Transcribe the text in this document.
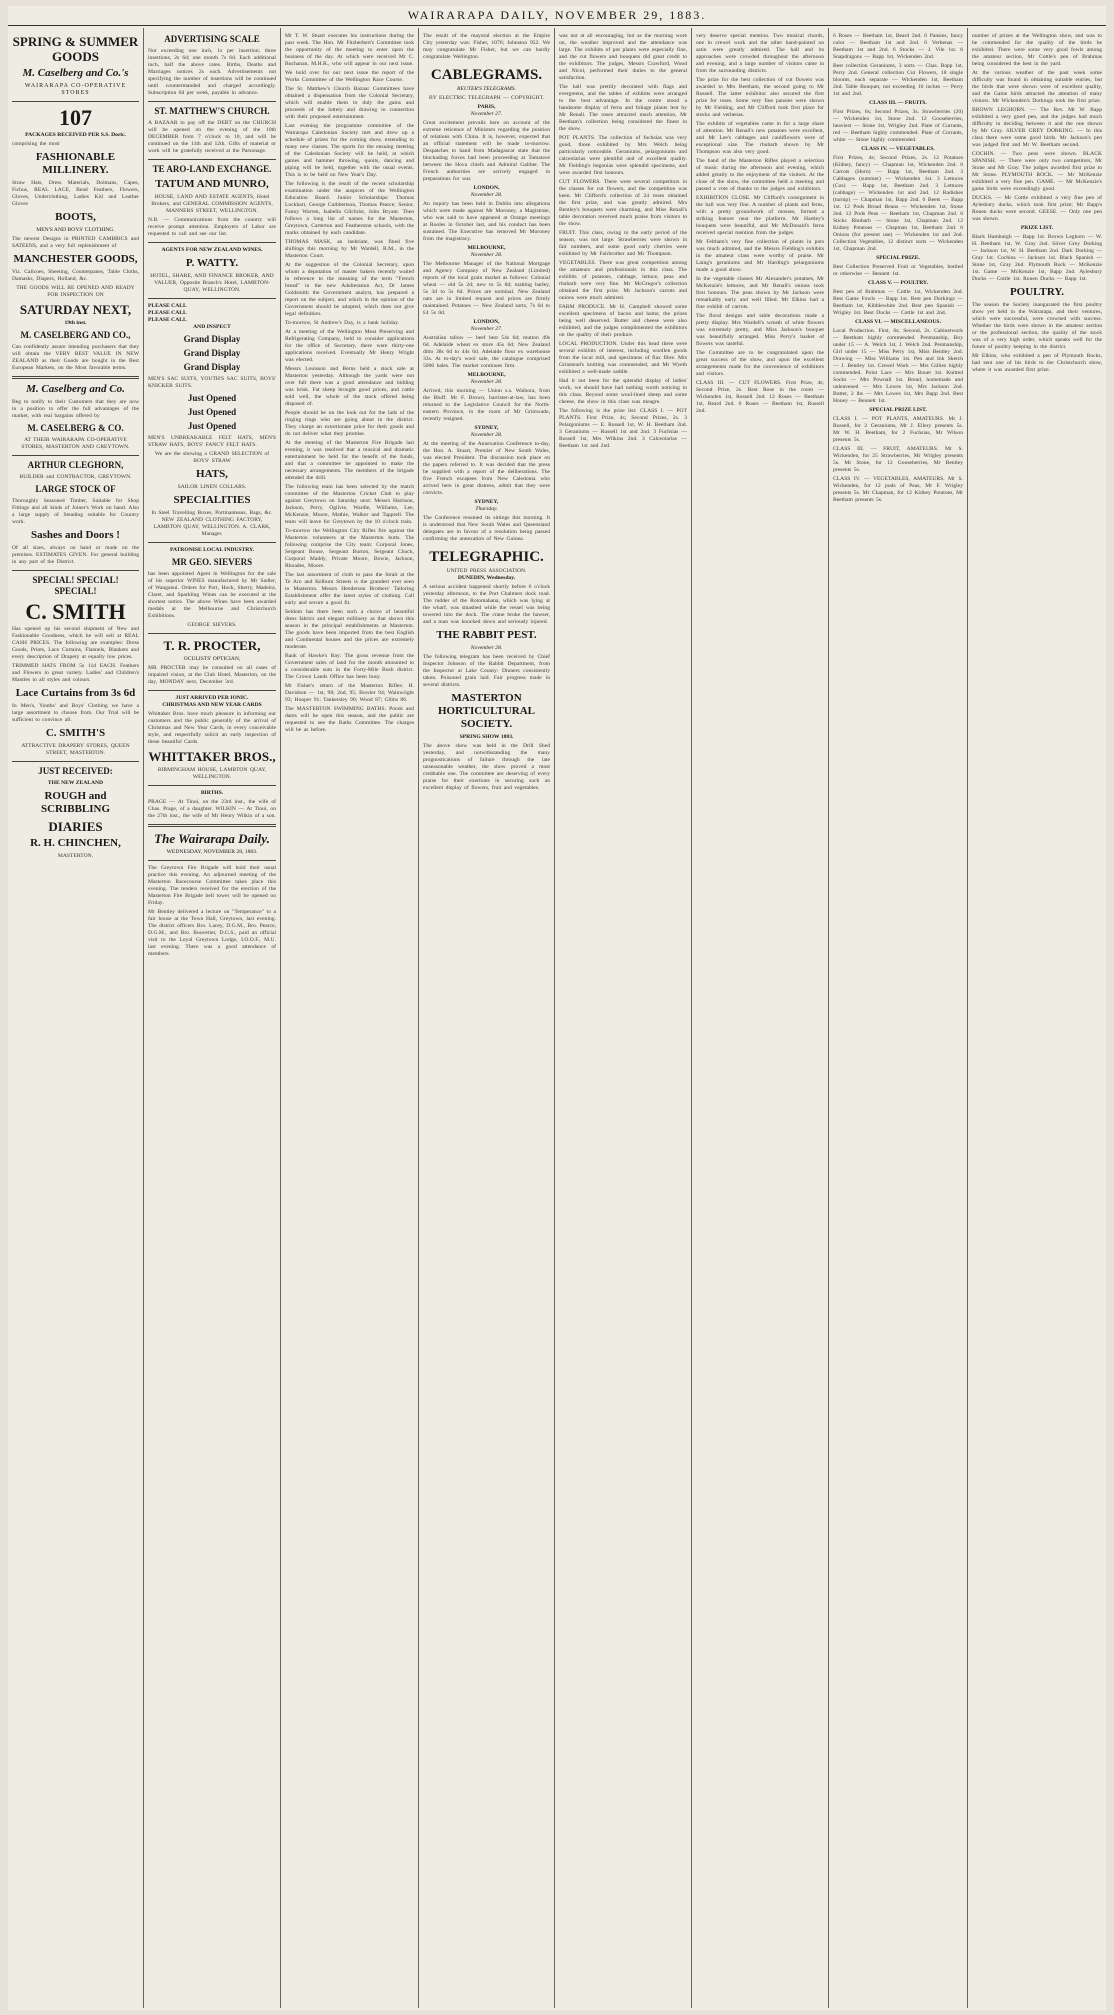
WAIRARAPA DAILY, NOVEMBER 29, 1883.
SPRING & SUMMER GOODS
M. Caselberg and Co.'s
WAIRARAPA CO-OPERATIVE STORES
107
PACKAGES RECEIVED PER S.S. Doric.
comprising the most
FASHIONABLE MILLINERY.
Straw Hats, Dress Materials, Dolmans, Capes, Fichus, REAL LACE, Bead Feathers, Flowers, Gloves, Underclothing, Ladies Kid and Leather Gloves
BOOTS,
MEN'S AND BOYS' CLOTHING.
The newest Designs in PRINTED CAMBRICS and SATEENS, and a very full replenishment of
MANCHESTER GOODS,
Viz. Calicoes, Sheeting, Counterpanes, Table Cloths, Damasks, Diapers, Holland, &c.
THE GOODS WILL BE OPENED AND READY FOR INSPECTION ON
SATURDAY NEXT,
19th inst.
M. CASELBERG AND CO.,
Can confidently assure intending purchasers that they will obtain the VERY BEST VALUE IN NEW ZEALAND as their Goods are bought in the Best European Markets, on the Most favorable terms.
M. Caselberg and Co.
Beg to notify to their Customers that they are now in a position to offer the full advantages of the market, with real bargains offered by
M. CASELBERG & CO.
AT THEIR WAIRARAPA CO-OPERATIVE STORES, MASTERTON AND GREYTOWN.
ARTHUR CLEGHORN,
BUILDER and CONTRACTOR, GREYTOWN.
LARGE STOCK OF
Thoroughly Seasoned Timber, Suitable for Shop Fittings and all kinds of Joiner's Work on hand. Also a large supply of Steading suitable for Country work.
Sashes and Doors !
Of all sizes, always on hand or made on the premises. ESTIMATES GIVEN. For general building in any part of the District.
SPECIAL! SPECIAL! SPECIAL!
C. SMITH
Has opened up his second shipment of New and Fashionable Goodness, which he will sell at REAL CASH PRICES. The following are examples: Dress Goods, Prints, Lace Curtains, Flannels, Blankets and every description of Drapery at equally low prices.
TRIMMED HATS FROM 5s 11d EACH. Feathers and Flowers in great variety. Ladies' and Children's Mantles in all styles and colours.
Lace Curtains from 3s 6d
In Men's, Youths' and Boys' Clothing we have a large assortment to choose from. Our Trial will be sufficient to convince all.
C. SMITH'S
ATTRACTIVE DRAPERY STORES, QUEEN STREET, MASTERTON.
JUST RECEIVED:
THE NEW ZEALAND
ROUGH and SCRIBBLING
DIARIES
R. H. CHINCHEN,
MASTERTON.
ADVERTISING SCALE
Not exceeding one inch, 1s per insertion; three insertions, 2s 6d; one month 7s 6d. Each additional inch, half the above rates. Births, Deaths and Marriages notices 2s each. Advertisements not specifying the number of insertions will be continued until countermanded and charged accordingly. Subscription 6d per week, payable in advance.
ST. MATTHEW'S CHURCH.
A BAZAAR to pay off the DEBT on the CHURCH will be opened on the evening of the 10th DECEMBER from 7 o'clock to 10, and will be continued on the 11th and 12th. Gifts of material or work will be gratefully received at the Parsonage.
TE ARO-LAND EXCHANGE.
TATUM AND MUNRO,
HOUSE, LAND AND ESTATE AGENTS, Hotel Brokers, and GENERAL COMMISSION AGENTS, MANNERS STREET, WELLINGTON.
N.B. — Communications from the country will receive prompt attention. Employers of Labor are requested to call and see our list.
AGENTS FOR NEW ZEALAND WINES.
P. WATTY.
HOTEL, SHARE, AND FINANCE BROKER, AND VALUER, Opposite Branch's Hotel, LAMBTON-QUAY, WELLINGTON.
PLEASE CALL
PLEASE CALL
PLEASE CALL
AND INSPECT
Grand Display
Grand Display
Grand Display
MEN'S SAC SUITS, YOUTH'S SAC SUITS, BOYS' KNICKER SUITS.
Just Opened
Just Opened
Just Opened
MEN'S UNBREAKABLE FELT HATS, MEN'S STRAW HATS, BOYS' FANCY FELT HATS.
We are the showing a GRAND SELECTION of BOYS' STRAW
HATS,
SAILOR LINEN COLLARS.
SPECIALITIES
In Steel Travelling Boxes, Portmanteaus, Bags, &c. NEW ZEALAND CLOTHING FACTORY, LAMBTON QUAY, WELLINGTON. A. CLARK, Manager.
PATRONISE LOCAL INDUSTRY.
MR GEO. SIEVERS
has been appointed Agent in Wellington for the sale of his superior WINES manufactured by Mr Sadler, of Wanganui. Orders for Port, Hock, Sherry, Madeira, Claret, and Sparkling Wines can be executed at the shortest notice. The above Wines have been awarded medals at the Melbourne and Christchurch Exhibitions.
GEORGE SIEVERS.
T. R. PROCTER,
OCULISTS' OPTICIAN,
MR PROCTER may be consulted on all cases of impaired vision, at the Club Hotel, Masterton, on the day, MONDAY next, December 3rd.
JUST ARRIVED PER IONIC.
CHRISTMAS AND NEW YEAR CARDS
Whittaker Bros. have much pleasure in informing our customers and the public generally of the arrival of Christmas and New Year Cards, in every conceivable style, and respectfully solicit an early inspection of these beautiful Cards.
WHITTAKER BROS.,
BIRMINGHAM HOUSE, LAMBTON QUAY, WELLINGTON.
BIRTHS.
PRAGE — At Tinui, on the 23rd inst., the wife of Chas. Prage, of a daughter. WILKIN — At Tinui, on the 27th inst., the wife of Mr Henry Wilkin of a son.
The Wairarapa Daily.
WEDNESDAY, NOVEMBER 28, 1883.
The Greytown Fire Brigade will hold their usual practice this evening. An adjourned meeting of the Masterton Racecourse Committee takes place this evening. The tenders received for the erection of the Masterton Fire Brigade bell tower will be opened on Friday.
Mr Bentley delivered a lecture on "Temperance" to a fair house at the Town Hall, Greytown, last evening. The district officers Bro. Lacey, D.G.M., Bro. Pearce, D.G.M., and Bro. Bouvetier, D.G.S., paid an official visit to the Loyal Greytown Lodge, I.O.O.F., M.U. last evening. There was a good attendance of members.
Mr T. W. Stuart executes his instructions during the past week. The Hon. Mr Fitzherbert's Committee took the opportunity of the meeting to enter upon the business of the day. At which were received Mr C. Buchanan, M.H.R., who will appear in our next issue.
We hold over for our next issue the report of the Works Committee of the Wellington Race Course.
The St. Matthew's Church Bazaar Committees have obtained a dispensation from the Colonial Secretary, which will enable them to duly the gains and proceeds of the lottery and drawing in connection with their proposed entertainment.
Last evening the programme committee of the Wairarapa Caledonian Society met and drew up a schedule of prizes for the coming show, extending to many new classes. The sports for the ensuing meeting of the Caledonian Society will be held, at which games and hammer throwing, quoits, dancing and piping will be held, together with the usual events. This is to be held on New Year's Day.
The following is the result of the recent scholarship examination under the auspices of the Wellington Education Board. Junior Scholarships: Thomas Lockhart, George Cuthbertson, Thomas Pearce; Senior, Fanny Warren, Isabella Gilchrist, John Bryant. Then follows a long list of names for the Masterton, Greytown, Carterton and Featherston schools, with the marks obtained by each candidate.
THOMAS MASK, an inebriate, was fined five shillings this morning by Mr Wardell, R.M., in the Masterton Court.
At the suggestion of the Colonial Secretary, upon whom a deputation of master bakers recently waited in reference to the meaning of the term "French bread" in the new Adulteration Act, Dr James Goldsmith the Government analyst, has prepared a report on the subject, and which in the opinion of the Government should be adopted, which does not give legal definition.
To-morrow, St Andrew's Day, is a bank holiday.
At a meeting of the Wellington Meat Preserving and Refrigerating Company, held to consider applications for the office of Secretary, there were thirty-one applications received. Eventually Mr Henry Wright was elected.
Messrs Louisson and Berns held a stock sale at Masterton yesterday. Although the yards were not over full there was a good attendance and bidding was brisk. Fat sheep brought good prices, and cattle sold well, the whole of the stock offered being disposed of.
People should be on the look out for the lads of the ringing rings who are going about in the district. They charge an extortionate price for their goods and do not deliver what they promise.
At the meeting of the Masterton Fire Brigade last evening, it was resolved that a musical and dramatic entertainment be held for the benefit of the funds, and that a committee be appointed to make the necessary arrangements. The members of the brigade attended the drill.
The following team has been selected by the match committee of the Masterton Cricket Club to play against Greytown on Saturday next: Messrs Harrison, Jackson, Perry, Ogilvie, Wardle, Williams, Lee, McKenzie, Moore, Mathie, Walker and Tapprell. The team will leave for Greytown by the 10 o'clock train.
To-morrow the Wellington City Rifles fire against the Masterton volunteers at the Masterton butts. The following comprise the City team: Corporal Jones, Sergeant Bouse, Sergeant Burton, Sergeant Chuck, Corporal Maddy, Private Moore, Bowie, Jackson, Rhoades, Moore.
The last assortment of cloth to pass the Strait at the Te Aro and Kelburn Streets is the grandest ever seen in Masterton. Messrs Henderson Brothers' Tailoring Establishment offer the latest styles of clothing. Call early and secure a good fit.
Seldom has there been such a choice of beautiful dress fabrics and elegant millinery as that shown this season in the principal establishments at Masterton. The goods have been imported from the best English and Continental houses and the prices are extremely moderate.
Bank of Hawke's Bay: The gross revenue from the Government sales of land for the month amounted to a considerable sum in the Forty-Mile Bush district. The Crown Lands Office has been busy.
Mr Fisher's return of the Masterton Rifles: H. Davidson — 1st, 98; 2nd, 95; Bowler 94; Wainwright 93; Hooper 91; Tankersley 90; Wood 87; Gibbs 86.
The MASTERTON SWIMMING BATHS. Ponds and dams will be open this season, and the public are requested to see the Baths Committee. The charges will be as before.
The result of the mayoral election at the Empire City yesterday was: Fisher, 1076; Johnston 952. We may congratulate Mr Fisher, but we can hardly congratulate Wellington.
CABLEGRAMS.
REUTER'S TELEGRAMS.
BY ELECTRIC TELEGRAPH — COPYRIGHT.
PARIS,
November 27.
Great excitement prevails here on account of the extreme reticence of Ministers regarding the position of relations with China. It is, however, expected that an official statement will be made to-morrow. Despatches to hand from Madagascar state that the blockading forces had been proceeding at Tamatave between the Hova chiefs and Admiral Galiber. The French authorities are actively engaged in preparations for war.
LONDON,
November 28.
An inquiry has been held in Dublin into allegations which were made against Mr Moroney, a Magistrate, who was said to have appeared at Orange meetings at Rooles in October last, and his conduct has been sustained. The Executive has removed Mr Moroney from the magistracy.
MELBOURNE,
November 28.
The Melbourne Manager of the National Mortgage and Agency Company of New Zealand (Limited) reports of the local grain market as follows: Colonial wheat — old 5s 2d; new to 5s 8d; malting barley, 5s 3d to 5s 6d. Prices are nominal. New Zealand oats are in limited request and prices are firmly maintained. Potatoes — New Zealand sorts, 7s 6d to £4 5s 0d.
LONDON,
November 27.
Australian tallow — beef best 54s 6d; mutton 49s 6d. Adelaide wheat ex store 45s 6d; New Zealand ditto 38s 6d to 44s 6d. Adelaide flour ex warehouse 33s. At to-day's wool sale, the catalogue comprised 5000 bales. The market continues firm.
MELBOURNE,
November 28.
Arrived, this morning — Union s.s. Waihora, from the Bluff. Mr F. Brown, barrister-at-law, has been returned to the Legislative Council for the North-eastern Province, in the room of Mr Grimwade, recently resigned.
SYDNEY,
November 28.
At the meeting of the Annexation Conference to-day, the Hon. A. Stuart, Premier of New South Wales, was elected President. The discussion took place on the papers referred to. It was decided that the press be supplied with a report of the deliberations. The five French escapees from New Caledonia who arrived here in great distress, admit that they were convicts.
SYDNEY,
Thursday.
The Conference resumed its sittings this morning. It is understood that New South Wales and Queensland delegates are in favour of a resolution being passed confirming the annexation of New Guinea.
TELEGRAPHIC.
UNITED PRESS ASSOCIATION.
DUNEDIN, Wednesday.
A serious accident happened shortly before 6 o'clock yesterday afternoon, to the Port Chalmers dock road. The rudder of the Rotomahana, which was lying at the wharf, was smashed while the vessel was being towered into the dock. The crane broke the hawser, and a man was knocked down and seriously injured.
THE RABBIT PEST.
November 28.
The following telegram has been received by Chief Inspector Johnson of the Rabbit Department, from the Inspector at Lake County: Dinners consistently taken. Poisoned grain laid. Fair progress made in several districts.
MASTERTON HORTICULTURAL SOCIETY.
SPRING SHOW 1883.
The above show was held in the Drill Shed yesterday, and notwithstanding the many prognostications of failure through the late unseasonable weather, the show proved a most creditable one. The committee are deserving of every praise for their exertions in securing such an excellent display of flowers, fruit and vegetables.
was not at all encouraging, but as the morning wore on, the weather improved and the attendance was large. The exhibits of pot plants were especially fine, and the cut flowers and bouquets did great credit to the exhibitors. The judges, Messrs Crawford, Wood and Nicol, performed their duties to the general satisfaction.
The hall was prettily decorated with flags and evergreens, and the tables of exhibits were arranged to the best advantage. In the centre stood a handsome display of ferns and foliage plants lent by Mr Renall. The roses attracted much attention, Mr Beetham's collection being considered the finest in the show.
POT PLANTS. The collection of fuchsias was very good, those exhibited by Mrs Welch being particularly noticeable. Geraniums, pelargoniums and calceolarias were plentiful and of excellent quality. Mr Fielding's begonias were splendid specimens, and were awarded first honours.
CUT FLOWERS. There were several competitors in the classes for cut flowers, and the competition was keen. Mr Clifford's collection of 24 roses obtained the first prize, and was greatly admired. Mrs Bentley's bouquets were charming, and Miss Renall's table decoration received much praise from visitors to the show.
FRUIT. This class, owing to the early period of the season, was not large. Strawberries were shown in fair numbers, and some good early cherries were exhibited by Mr Fairbrother and Mr Thompson.
VEGETABLES. There was great competition among the amateurs and professionals in this class. The exhibits of potatoes, cabbage, lettuce, peas and rhubarb were very fine. Mr McGregor's collection obtained the first prize. Mr Jackson's carrots and onions were much admired.
FARM PRODUCE. Mr H. Campbell showed some excellent specimens of bacon and hams; the prizes being well deserved. Butter and cheese were also exhibited, and the judges complimented the exhibitors on the quality of their produce.
LOCAL PRODUCTION. Under this head there were several exhibits of interest, including woollen goods from the local mill, and specimens of flax fibre. Mrs Grinstead's knitting was commended, and Mr Wyeth exhibited a well-made saddle.
Had it not been for the splendid display of ladies' work, we should have had nothing worth noticing in this class. Beyond some wool-lined sheep and some cheese, the show in this class was meagre.
The following is the prize list: CLASS I. — POT PLANTS. First Prize, 4s; Second Prizes, 2s. 3 Pelargoniums — E. Russell 1st, W. H. Beetham 2nd. 3 Geraniums — Russell 1st and 2nd. 3 Fuchsias — Russell 1st, Mrs Wilkins 2nd. 3 Calceolarias — Beetham 1st and 2nd.
very deserve special mention. Two musical chords, one in crewel work and the other hand-painted on satin were greatly admired. The hall and its approaches were crowded throughout the afternoon and evening, and a large number of visitors came in from the surrounding districts.
The prize for the best collection of cut flowers was awarded to Mrs Beetham, the second going to Mr Russell. The latter exhibitor also secured the first prize for roses. Some very fine pansies were shown by Mr Fielding, and Mr Clifford took first place for stocks and verbenas.
The exhibits of vegetables came in for a large share of attention. Mr Renall's new potatoes were excellent, and Mr Lee's cabbages and cauliflowers were of exceptional size. The rhubarb shown by Mr Thompson was also very good.
The band of the Masterton Rifles played a selection of music during the afternoon and evening, which added greatly to the enjoyment of the visitors. At the close of the show, the committee held a meeting and passed a vote of thanks to the judges and exhibitors.
EXHIBITION CLOSE. Mr Clifford's consignment in the hall was very fine. A number of plants and ferns, with a pretty groundwork of mosses, formed a striking feature near the platform. Mr Hartley's bouquets were beautiful, and Mr McDonald's ferns received special mention from the judges.
Mr Feltham's very fine collection of plants in pots was much admired, and the Messrs Fielding's exhibits in the amateur class were worthy of praise. Mr Laing's geraniums and Mr Harding's pelargoniums made a good show.
In the vegetable classes Mr Alexander's potatoes, Mr McKenzie's lettuces, and Mr Renall's onions took first honours. The peas shown by Mr Jackson were remarkably early and well filled. Mr Elkins had a fine exhibit of carrots.
The floral designs and table decorations made a pretty display. Mrs Wardell's wreath of white flowers was extremely pretty, and Miss Jackson's bouquet was beautifully arranged. Miss Perry's basket of flowers was tasteful.
The Committee are to be congratulated upon the great success of the show, and upon the excellent arrangements made for the convenience of exhibitors and visitors.
CLASS III. — CUT FLOWERS. First Prize, 4s; Second Prize, 2s. Best Rose in the room — Wickenden 1st, Russell 2nd. 12 Roses — Beetham 1st, Beard 2nd. 6 Roses — Beetham 1st, Russell 2nd.
6 Roses — Beetham 1st, Beard 2nd. 6 Pansies, fancy color — Beetham 1st and 2nd. 6 Verbenas — Beetham 1st and 2nd. 6 Stocks — J. Vile 1st. 6 Snapdragons — Bapp 1st, Wickenden 2nd.
Best collection Geraniums, 3 sorts — Chas. Bapp 1st, Perry 2nd. General collection Cut Flowers, 18 single blooms, each separate — Wickenden 1st, Beetham 2nd. Table Bouquet, not exceeding 10 inches — Perry 1st and 2nd.
CLASS III. — FRUITS.
First Prizes, 6s; Second Prizes, 3s. Strawberries (20) — Wickenden 1st, Stone 2nd. 12 Gooseberries, heaviest — Stone 1st, Wrigley 2nd. Plate of Currants, red — Beetham highly commended. Plate of Currants, white — Stone highly commended.
CLASS IV. — VEGETABLES.
First Prizes, 4s; Second Prizes, 2s. 12 Potatoes (Kidney, fancy) — Chapman 1st, Wickenden 2nd. 6 Carrots (Horn) — Bapp 1st, Beetham 2nd. 3 Cabbages (summer) — Wickenden 1st. 3 Lettuces (Cos) — Bapp 1st, Beetham 2nd. 3 Lettuces (cabbage) — Wickenden 1st and 2nd. 12 Radishes (turnip) — Chapman 1st, Bapp 2nd. 6 Beets — Bapp 1st. 12 Pods Broad Beans — Wickenden 1st, Stone 2nd. 12 Pods Peas — Beetham 1st, Chapman 2nd. 6 Sticks Rhubarb — Stone 1st, Chapman 2nd. 12 Kidney Potatoes — Chapman 1st, Beetham 2nd. 6 Onions (for present use) — Wickenden 1st and 2nd. Collection Vegetables, 12 distinct sorts — Wickenden 1st, Chapman 2nd.
SPECIAL PRIZE.
Best Collection Preserved Fruit or Vegetables, bottled or otherwise — Bennett 1st.
CLASS V. — POULTRY.
Best pen of Brahmas — Cottle 1st, Wickenden 2nd. Best Game Fowls — Bapp 1st. Best pen Dorkings — Beetham 1st, Kibblewhite 2nd. Best pen Spanish — Wrigley 1st. Best Ducks — Cottle 1st and 2nd.
CLASS VI. — MISCELLANEOUS.
Local Production. First, 6s; Second, 2s. Cabinetwork — Beetham highly commended. Penmanship, Boy under 15 — A. Welch 1st, J. Welch 2nd. Penmanship, Girl under 15 — Miss Perry 1st, Miss Bentley 2nd. Drawing — Miss Williams 1st. Pen and Ink Sketch — J. Bentley 1st. Crewel Work — Mrs Gillies highly commended. Point Lace — Mrs Bouet 1st. Knitted Socks — Mrs Pownall 1st. Bread, homemade and unleavened — Mrs Lowes 1st, Mrs Jackson 2nd. Butter, 2 lbs — Mrs Lowes 1st, Mrs Bapp 2nd. Best Honey — Bennett 1st.
SPECIAL PRIZE LIST.
CLASS I. — POT PLANTS, AMATEURS. Mr J. Russell, for 2 Geraniums, Mr J. Ellery presents 5s. Mr W. H. Beetham, for 2 Fuchsias, Mr Wilson presents 5s.
CLASS III. — FRUIT, AMATEURS. Mr S. Wickenden, for 25 Strawberries, Mr Wrigley presents 5s. Mr Stone, for 12 Gooseberries, Mr Bentley presents 5s.
CLASS IV. — VEGETABLES, AMATEURS. Mr S. Wickenden, for 12 pods of Peas, Mr F. Wrigley presents 5s. Mr Chapman, for 12 Kidney Potatoes, Mr Beetham presents 5s.
number of prizes at the Wellington show, and was to be commended for the quality of the birds he exhibited. There were some very good fowls among the amateur section, Mr Cottle's pen of Brahmas being considered the best in the yard.
At the various weather of the past week some difficulty was found in obtaining suitable entries, but the birds that were shown were of excellent quality, and the Game birds attracted the attention of many visitors. Mr Wickenden's Dorkings took the first prize.
BROWN LEGHORN. — The Rev. Mr W. Bapp exhibited a very good pen, and the judges had much difficulty in deciding between it and the one shown by Mr Gray. SILVER GREY DORKING. — In this class there were some good birds. Mr Jackson's pen was judged first and Mr W. Beetham second.
COCHIN. — Two pens were shown. BLACK SPANISH. — There were only two competitors, Mr Stone and Mr Gray. The judges awarded first prize to Mr Stone. PLYMOUTH ROCK. — Mr McKenzie exhibited a very fine pen. GAME. — Mr McKenzie's game birds were exceedingly good.
DUCKS. — Mr Cottle exhibited a very fine pen of Aylesbury ducks, which took first prize; Mr Bapp's Rouen ducks were second. GEESE. — Only one pen was shown.
PRIZE LIST.
Black Hamburgh — Bapp 1st. Brown Leghorn — W. H. Beetham 1st, W. Gray 2nd. Silver Grey Dorking — Jackson 1st, W. H. Beetham 2nd. Dark Dorking — Gray 1st. Cochins — Jackson 1st. Black Spanish — Stone 1st, Gray 2nd. Plymouth Rock — McKenzie 1st. Game — McKenzie 1st, Bapp 2nd. Aylesbury Ducks — Cottle 1st. Rouen Ducks — Bapp 1st.
POULTRY.
The season the Society inaugurated the first poultry show yet held in the Wairarapa, and their ventures, which were successful, were crowned with success. Whether the birds were shown in the amateur section or the professional section, the quality of the stock was of a very high order, which speaks well for the future of poultry keeping in the district.
Mr Elkins, who exhibited a pen of Plymouth Rocks, had sent one of his birds to the Christchurch show, where it was awarded first prize.
